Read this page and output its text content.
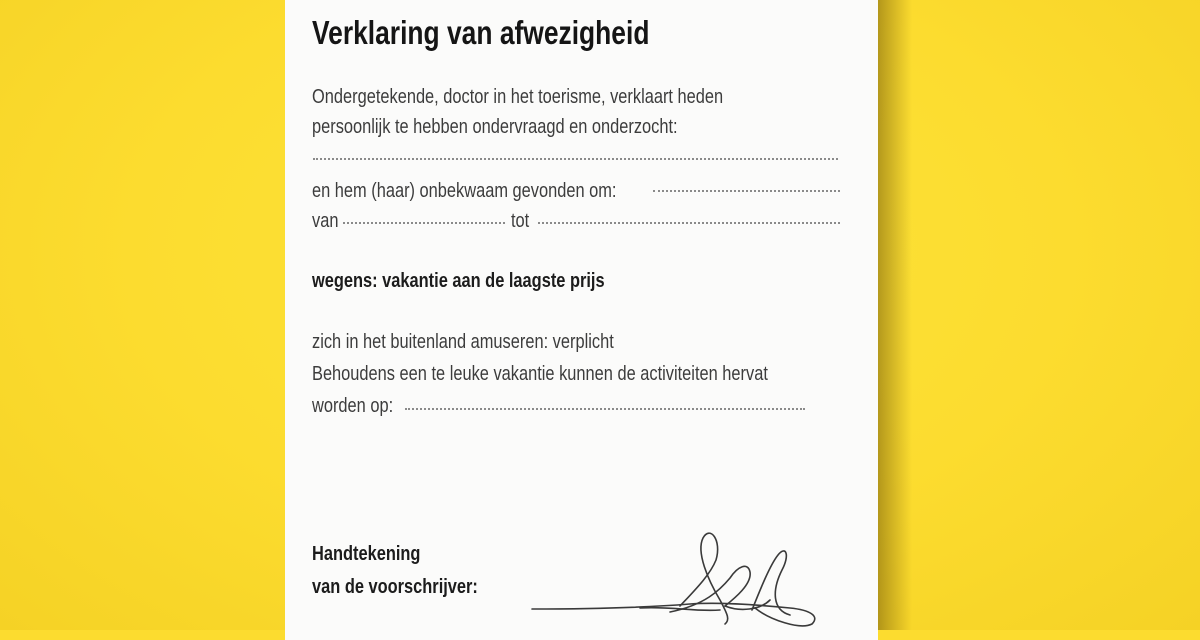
Verklaring van afwezigheid
Ondergetekende, doctor in het toerisme, verklaart heden
persoonlijk te hebben ondervraagd en onderzocht:
en hem (haar) onbekwaam gevonden om:
van	tot
wegens: vakantie aan de laagste prijs
zich in het buitenland amuseren: verplicht
Behoudens een te leuke vakantie kunnen de activiteiten hervat
worden op:
Handtekening
van de voorschrijver:
